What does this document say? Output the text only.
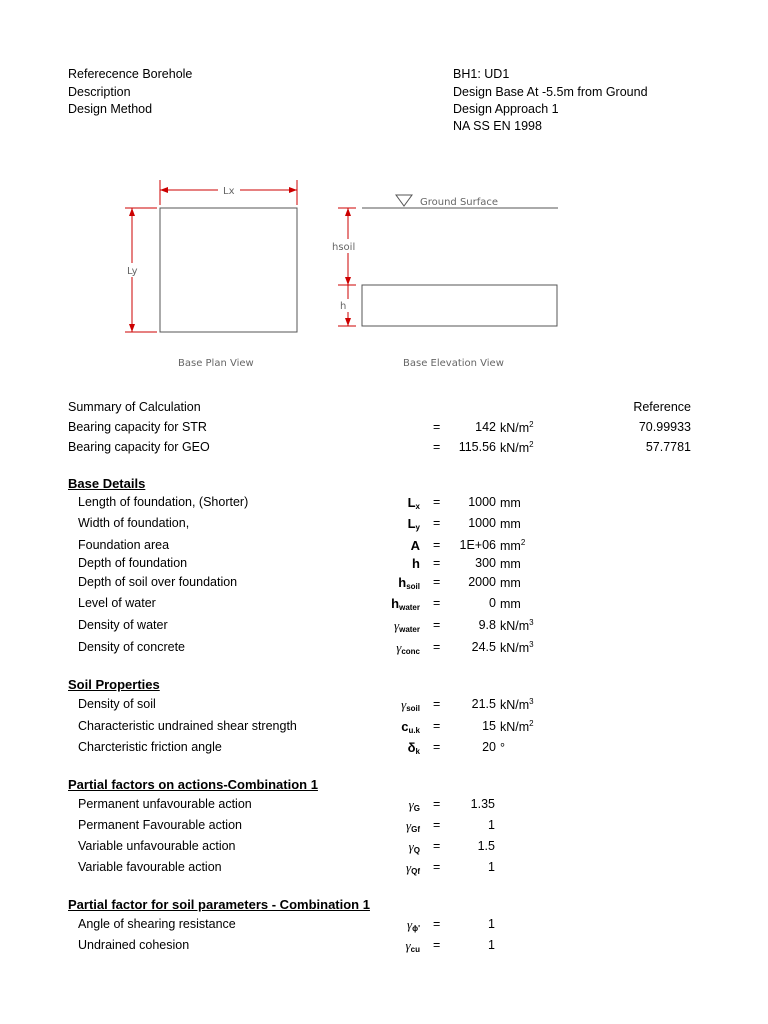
Referecence Borehole	BH1: UD1
Description	Design Base At -5.5m from Ground
Design Method	Design Approach 1
NA SS EN 1998
Lx
Ly
Ground Surface
hsoil
h
Base Plan View	Base Elevation View
Summary of Calculation	Reference
Bearing capacity for STR	=	142 $kN/m^2$	70.99933
Bearing capacity for GEO	=	115.56 $kN/m^2$	57.7781
Base Details
Length of foundation, (Shorter)	$L_x$ =	1000 mm
Width of foundation,	$L_y$ =	1000 mm
Foundation area	A =	1E+06 $mm^2$
Depth of foundation	h =	300 mm
Depth of soil over foundation	$h_{soil}$ =	2000 mm
Level of water	$h_{water}$ =	0 mm
Density of water	$\gamma_{water}$ =	9.8 $kN/m^3$
Density of concrete	$\gamma_{conc}$ =	24.5 $kN/m^3$
Soil Properties
Density of soil	$\gamma_{soil}$ =	21.5 $kN/m^3$
Characteristic undrained shear strength	$c_{u.k}$ =	15 $kN/m^2$
Charcteristic friction angle	$\delta_k$ =	20 °
Partial factors on actions-Combination 1
Permanent unfavourable action	$\gamma_G$ =	1.35
Permanent Favourable action	$\gamma_{Gf}$ =	1
Variable unfavourable action	$\gamma_Q$ =	1.5
Variable favourable action	$\gamma_{Qf}$ =	1
Partial factor for soil parameters - Combination 1
Angle of shearing resistance	$\gamma_{\phi'}$ =	1
Undrained cohesion	$\gamma_{cu}$ =	1
